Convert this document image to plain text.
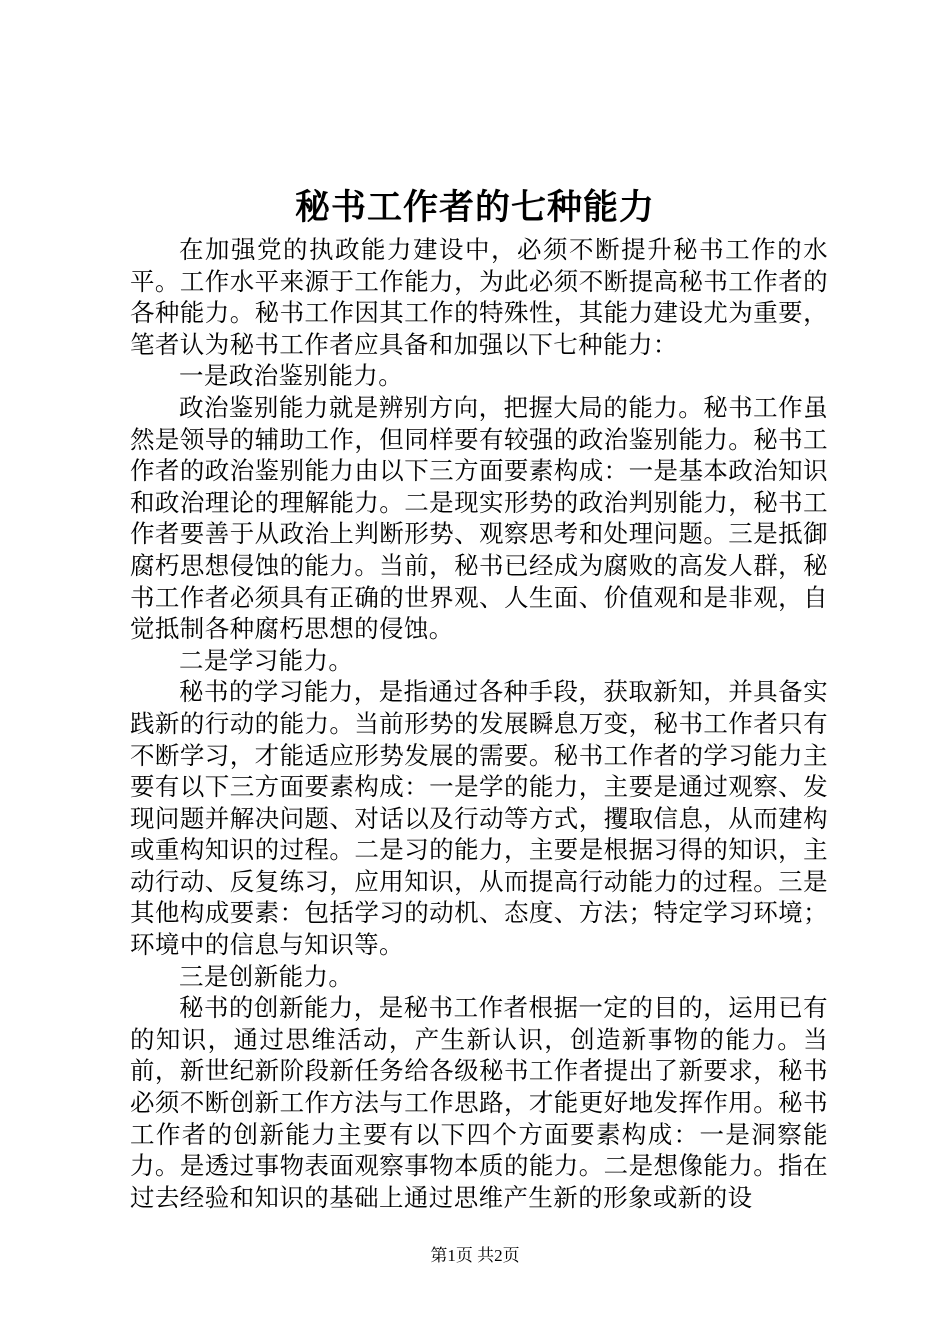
秘书工作者的七种能力

在加强党的执政能力建设中，必须不断提升秘书工作的水平。工作水平来源于工作能力，为此必须不断提高秘书工作者的各种能力。秘书工作因其工作的特殊性，其能力建设尤为重要，笔者认为秘书工作者应具备和加强以下七种能力：

一是政治鉴别能力。

政治鉴别能力就是辨别方向，把握大局的能力。秘书工作虽然是领导的辅助工作，但同样要有较强的政治鉴别能力。秘书工作者的政治鉴别能力由以下三方面要素构成：一是基本政治知识和政治理论的理解能力。二是现实形势的政治判别能力，秘书工作者要善于从政治上判断形势、观察思考和处理问题。三是抵御腐朽思想侵蚀的能力。当前，秘书已经成为腐败的高发人群，秘书工作者必须具有正确的世界观、人生面、价值观和是非观，自觉抵制各种腐朽思想的侵蚀。

二是学习能力。

秘书的学习能力，是指通过各种手段，获取新知，并具备实践新的行动的能力。当前形势的发展瞬息万变，秘书工作者只有不断学习，才能适应形势发展的需要。秘书工作者的学习能力主要有以下三方面要素构成：一是学的能力，主要是通过观察、发现问题并解决问题、对话以及行动等方式，攫取信息，从而建构或重构知识的过程。二是习的能力，主要是根据习得的知识，主动行动、反复练习，应用知识，从而提高行动能力的过程。三是其他构成要素：包括学习的动机、态度、方法；特定学习环境；环境中的信息与知识等。

三是创新能力。

秘书的创新能力，是秘书工作者根据一定的目的，运用已有的知识，通过思维活动，产生新认识，创造新事物的能力。当前，新世纪新阶段新任务给各级秘书工作者提出了新要求，秘书必须不断创新工作方法与工作思路，才能更好地发挥作用。秘书工作者的创新能力主要有以下四个方面要素构成：一是洞察能力。是透过事物表面观察事物本质的能力。二是想像能力。指在过去经验和知识的基础上通过思维产生新的形象或新的设

第1页 共2页
